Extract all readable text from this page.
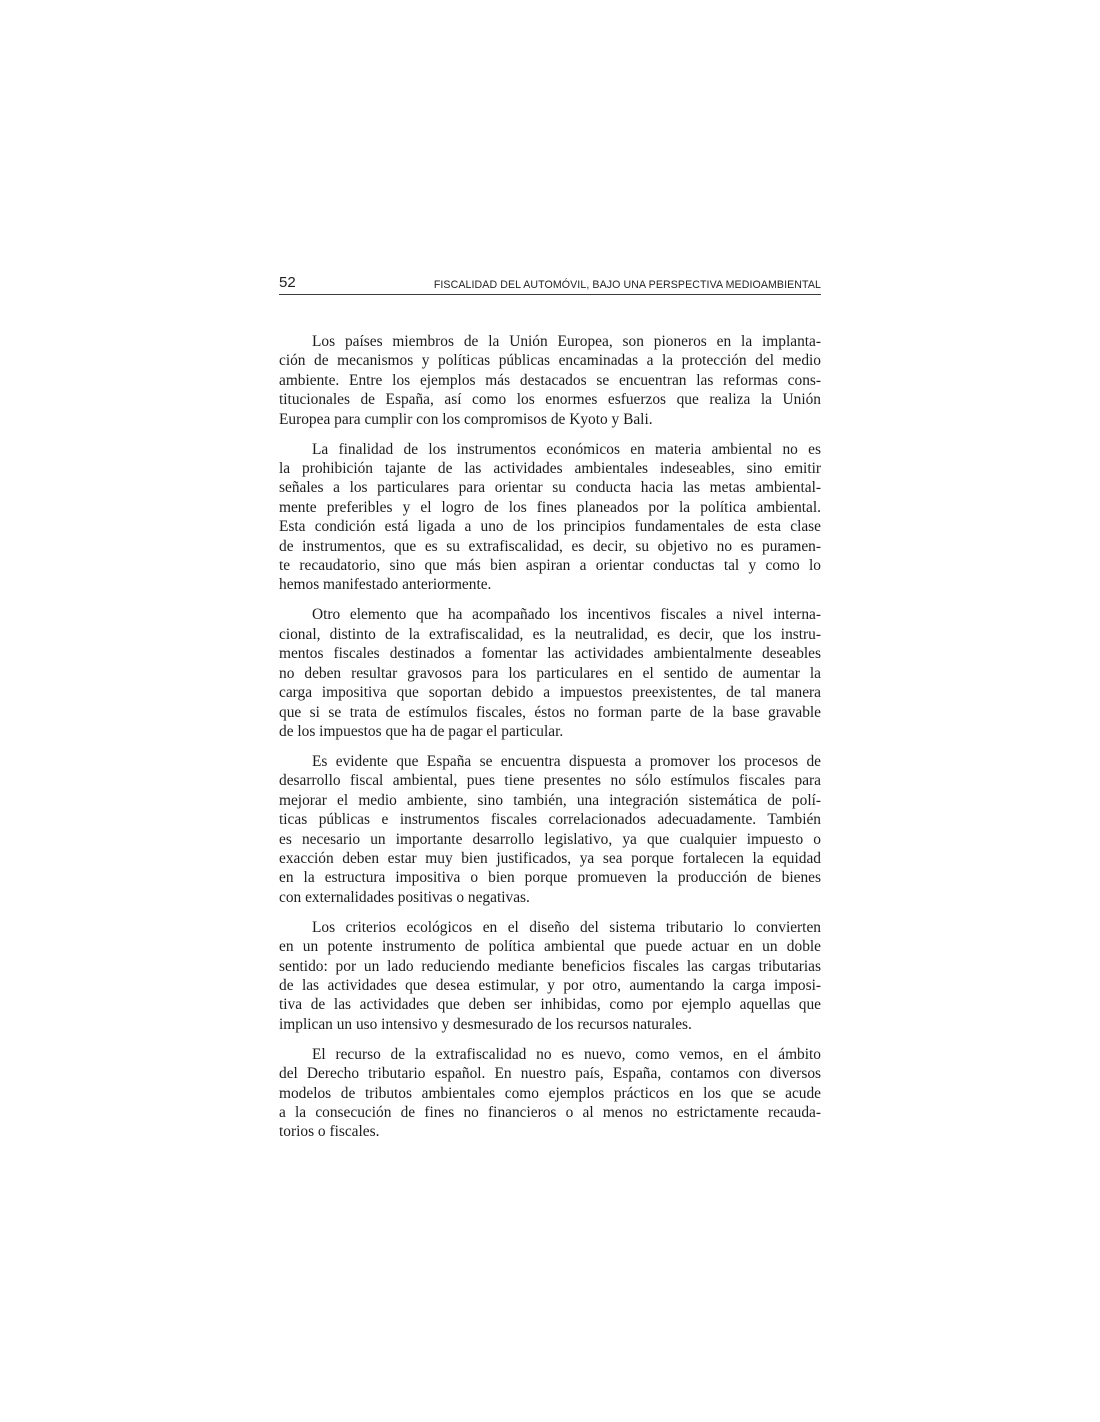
52	FISCALIDAD DEL AUTOMÓVIL, BAJO UNA PERSPECTIVA MEDIOAMBIENTAL

Los países miembros de la Unión Europea, son pioneros en la implanta-
ción de mecanismos y políticas públicas encaminadas a la protección del medio
ambiente. Entre los ejemplos más destacados se encuentran las reformas cons-
titucionales de España, así como los enormes esfuerzos que realiza la Unión
Europea para cumplir con los compromisos de Kyoto y Bali.

La finalidad de los instrumentos económicos en materia ambiental no es
la prohibición tajante de las actividades ambientales indeseables, sino emitir
señales a los particulares para orientar su conducta hacia las metas ambiental-
mente preferibles y el logro de los fines planeados por la política ambiental.
Esta condición está ligada a uno de los principios fundamentales de esta clase
de instrumentos, que es su extrafiscalidad, es decir, su objetivo no es puramen-
te recaudatorio, sino que más bien aspiran a orientar conductas tal y como lo
hemos manifestado anteriormente.

Otro elemento que ha acompañado los incentivos fiscales a nivel interna-
cional, distinto de la extrafiscalidad, es la neutralidad, es decir, que los instru-
mentos fiscales destinados a fomentar las actividades ambientalmente deseables
no deben resultar gravosos para los particulares en el sentido de aumentar la
carga impositiva que soportan debido a impuestos preexistentes, de tal manera
que si se trata de estímulos fiscales, éstos no forman parte de la base gravable
de los impuestos que ha de pagar el particular.

Es evidente que España se encuentra dispuesta a promover los procesos de
desarrollo fiscal ambiental, pues tiene presentes no sólo estímulos fiscales para
mejorar el medio ambiente, sino también, una integración sistemática de polí-
ticas públicas e instrumentos fiscales correlacionados adecuadamente. También
es necesario un importante desarrollo legislativo, ya que cualquier impuesto o
exacción deben estar muy bien justificados, ya sea porque fortalecen la equidad
en la estructura impositiva o bien porque promueven la producción de bienes
con externalidades positivas o negativas.

Los criterios ecológicos en el diseño del sistema tributario lo convierten
en un potente instrumento de política ambiental que puede actuar en un doble
sentido: por un lado reduciendo mediante beneficios fiscales las cargas tributarias
de las actividades que desea estimular, y por otro, aumentando la carga imposi-
tiva de las actividades que deben ser inhibidas, como por ejemplo aquellas que
implican un uso intensivo y desmesurado de los recursos naturales.

El recurso de la extrafiscalidad no es nuevo, como vemos, en el ámbito
del Derecho tributario español. En nuestro país, España, contamos con diversos
modelos de tributos ambientales como ejemplos prácticos en los que se acude
a la consecución de fines no financieros o al menos no estrictamente recauda-
torios o fiscales.
